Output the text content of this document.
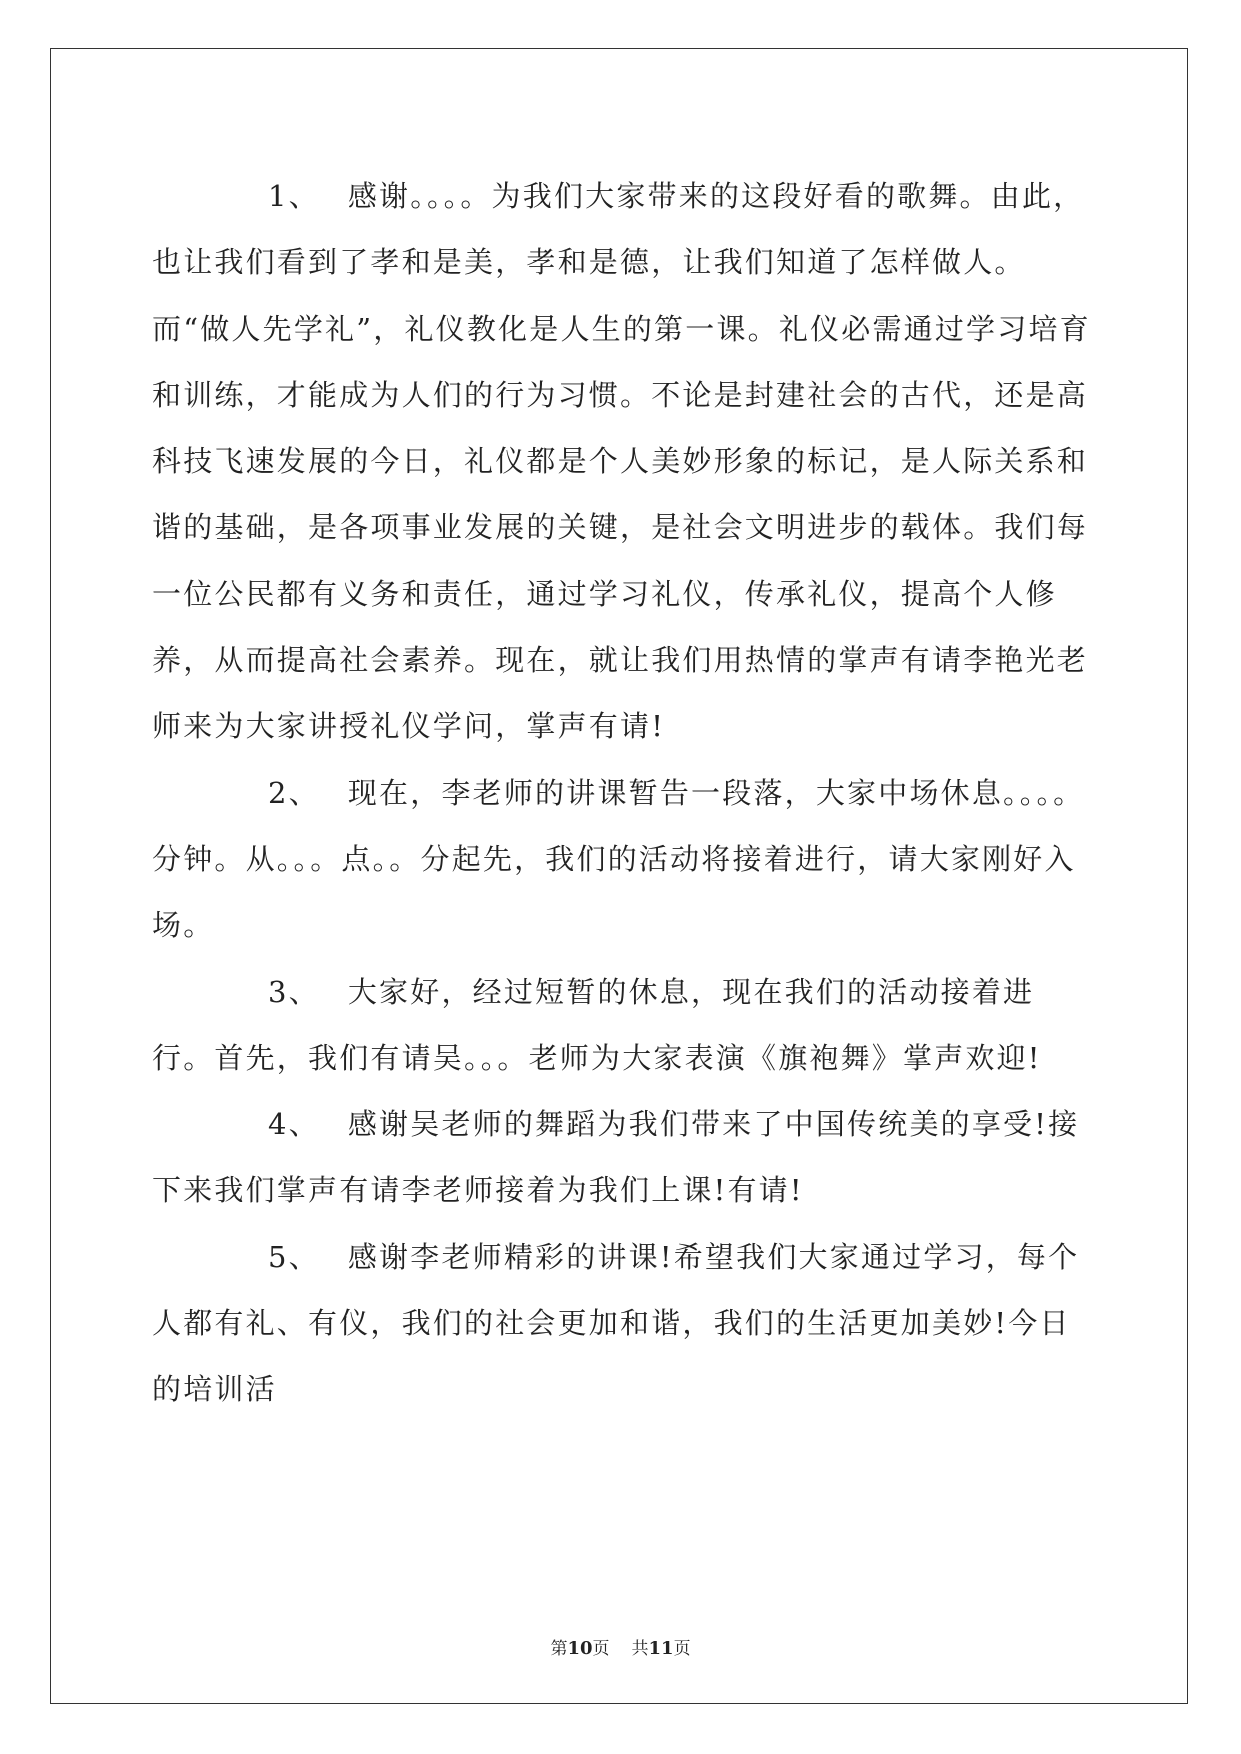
1、 感谢。。。。为我们大家带来的这段好看的歌舞。由此，也让我们看到了孝和是美，孝和是德，让我们知道了怎样做人。而“做人先学礼”，礼仪教化是人生的第一课。礼仪必需通过学习培育和训练，才能成为人们的行为习惯。不论是封建社会的古代，还是高科技飞速发展的今日，礼仪都是个人美妙形象的标记，是人际关系和谐的基础，是各项事业发展的关键，是社会文明进步的载体。我们每一位公民都有义务和责任，通过学习礼仪，传承礼仪，提高个人修养，从而提高社会素养。现在，就让我们用热情的掌声有请李艳光老师来为大家讲授礼仪学问，掌声有请!

2、 现在，李老师的讲课暂告一段落，大家中场休息。。。。分钟。从。。。点。。分起先，我们的活动将接着进行，请大家刚好入场。

3、 大家好，经过短暂的休息，现在我们的活动接着进行。首先，我们有请吴。。。老师为大家表演《旗袍舞》掌声欢迎!

4、 感谢吴老师的舞蹈为我们带来了中国传统美的享受!接下来我们掌声有请李老师接着为我们上课!有请!

5、 感谢李老师精彩的讲课!希望我们大家通过学习，每个人都有礼、有仪，我们的社会更加和谐，我们的生活更加美妙!今日的培训活

第10页 共11页
